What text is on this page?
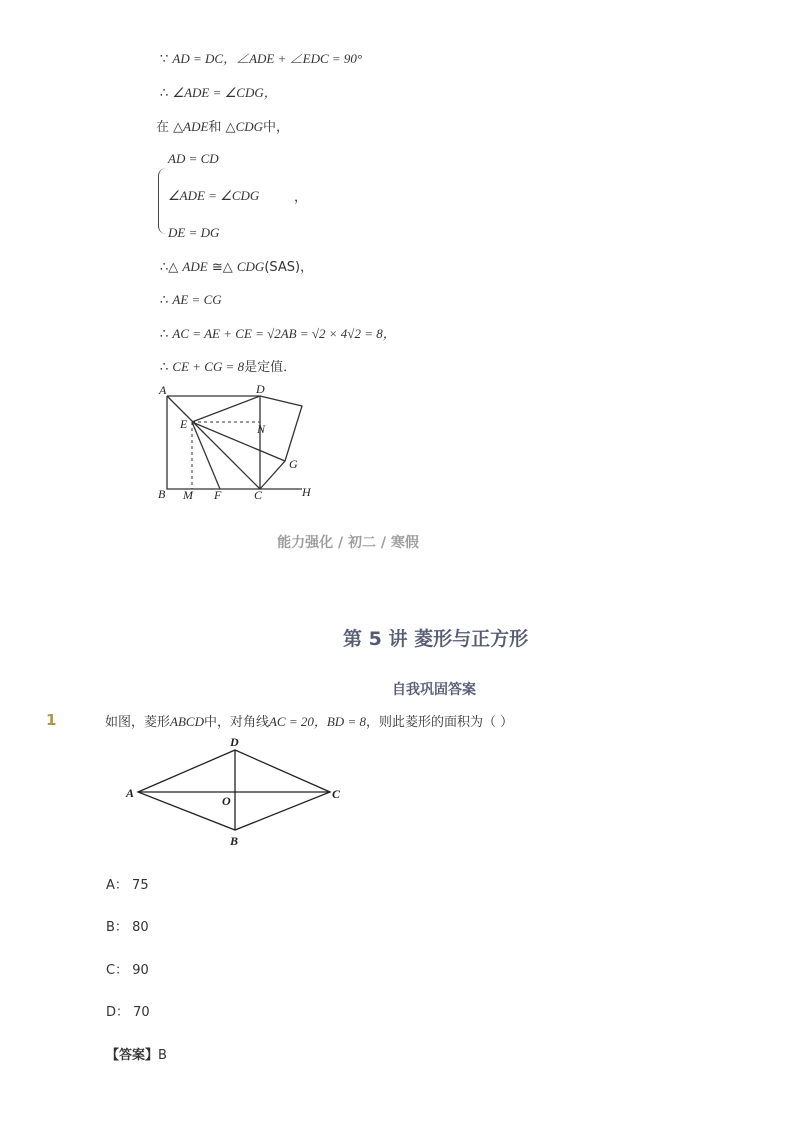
∵ AD = DC，∠ADE + ∠EDC = 90°
∴ ∠ADE = ∠CDG，
在 △ADE和 △CDG中，
AD = CD
∠ADE = ∠CDG	，
DE = DG
∴△ ADE ≅△ CDG(SAS)，
∴ AE = CG
∴ AC = AE + CE = √2AB = √2 × 4√2 = 8，
∴ CE + CG = 8是定值．
A	D
E	N
G
B M F	C	H
能力强化 / 初二 / 寒假
第 5 讲 菱形与正方形
自我巩固答案
1	如图，菱形ABCD中，对角线AC = 20，BD = 8，则此菱形的面积为（ ）
A
D
C
B
O
A： 75
B： 80
C： 90
D： 70
【答案】B
